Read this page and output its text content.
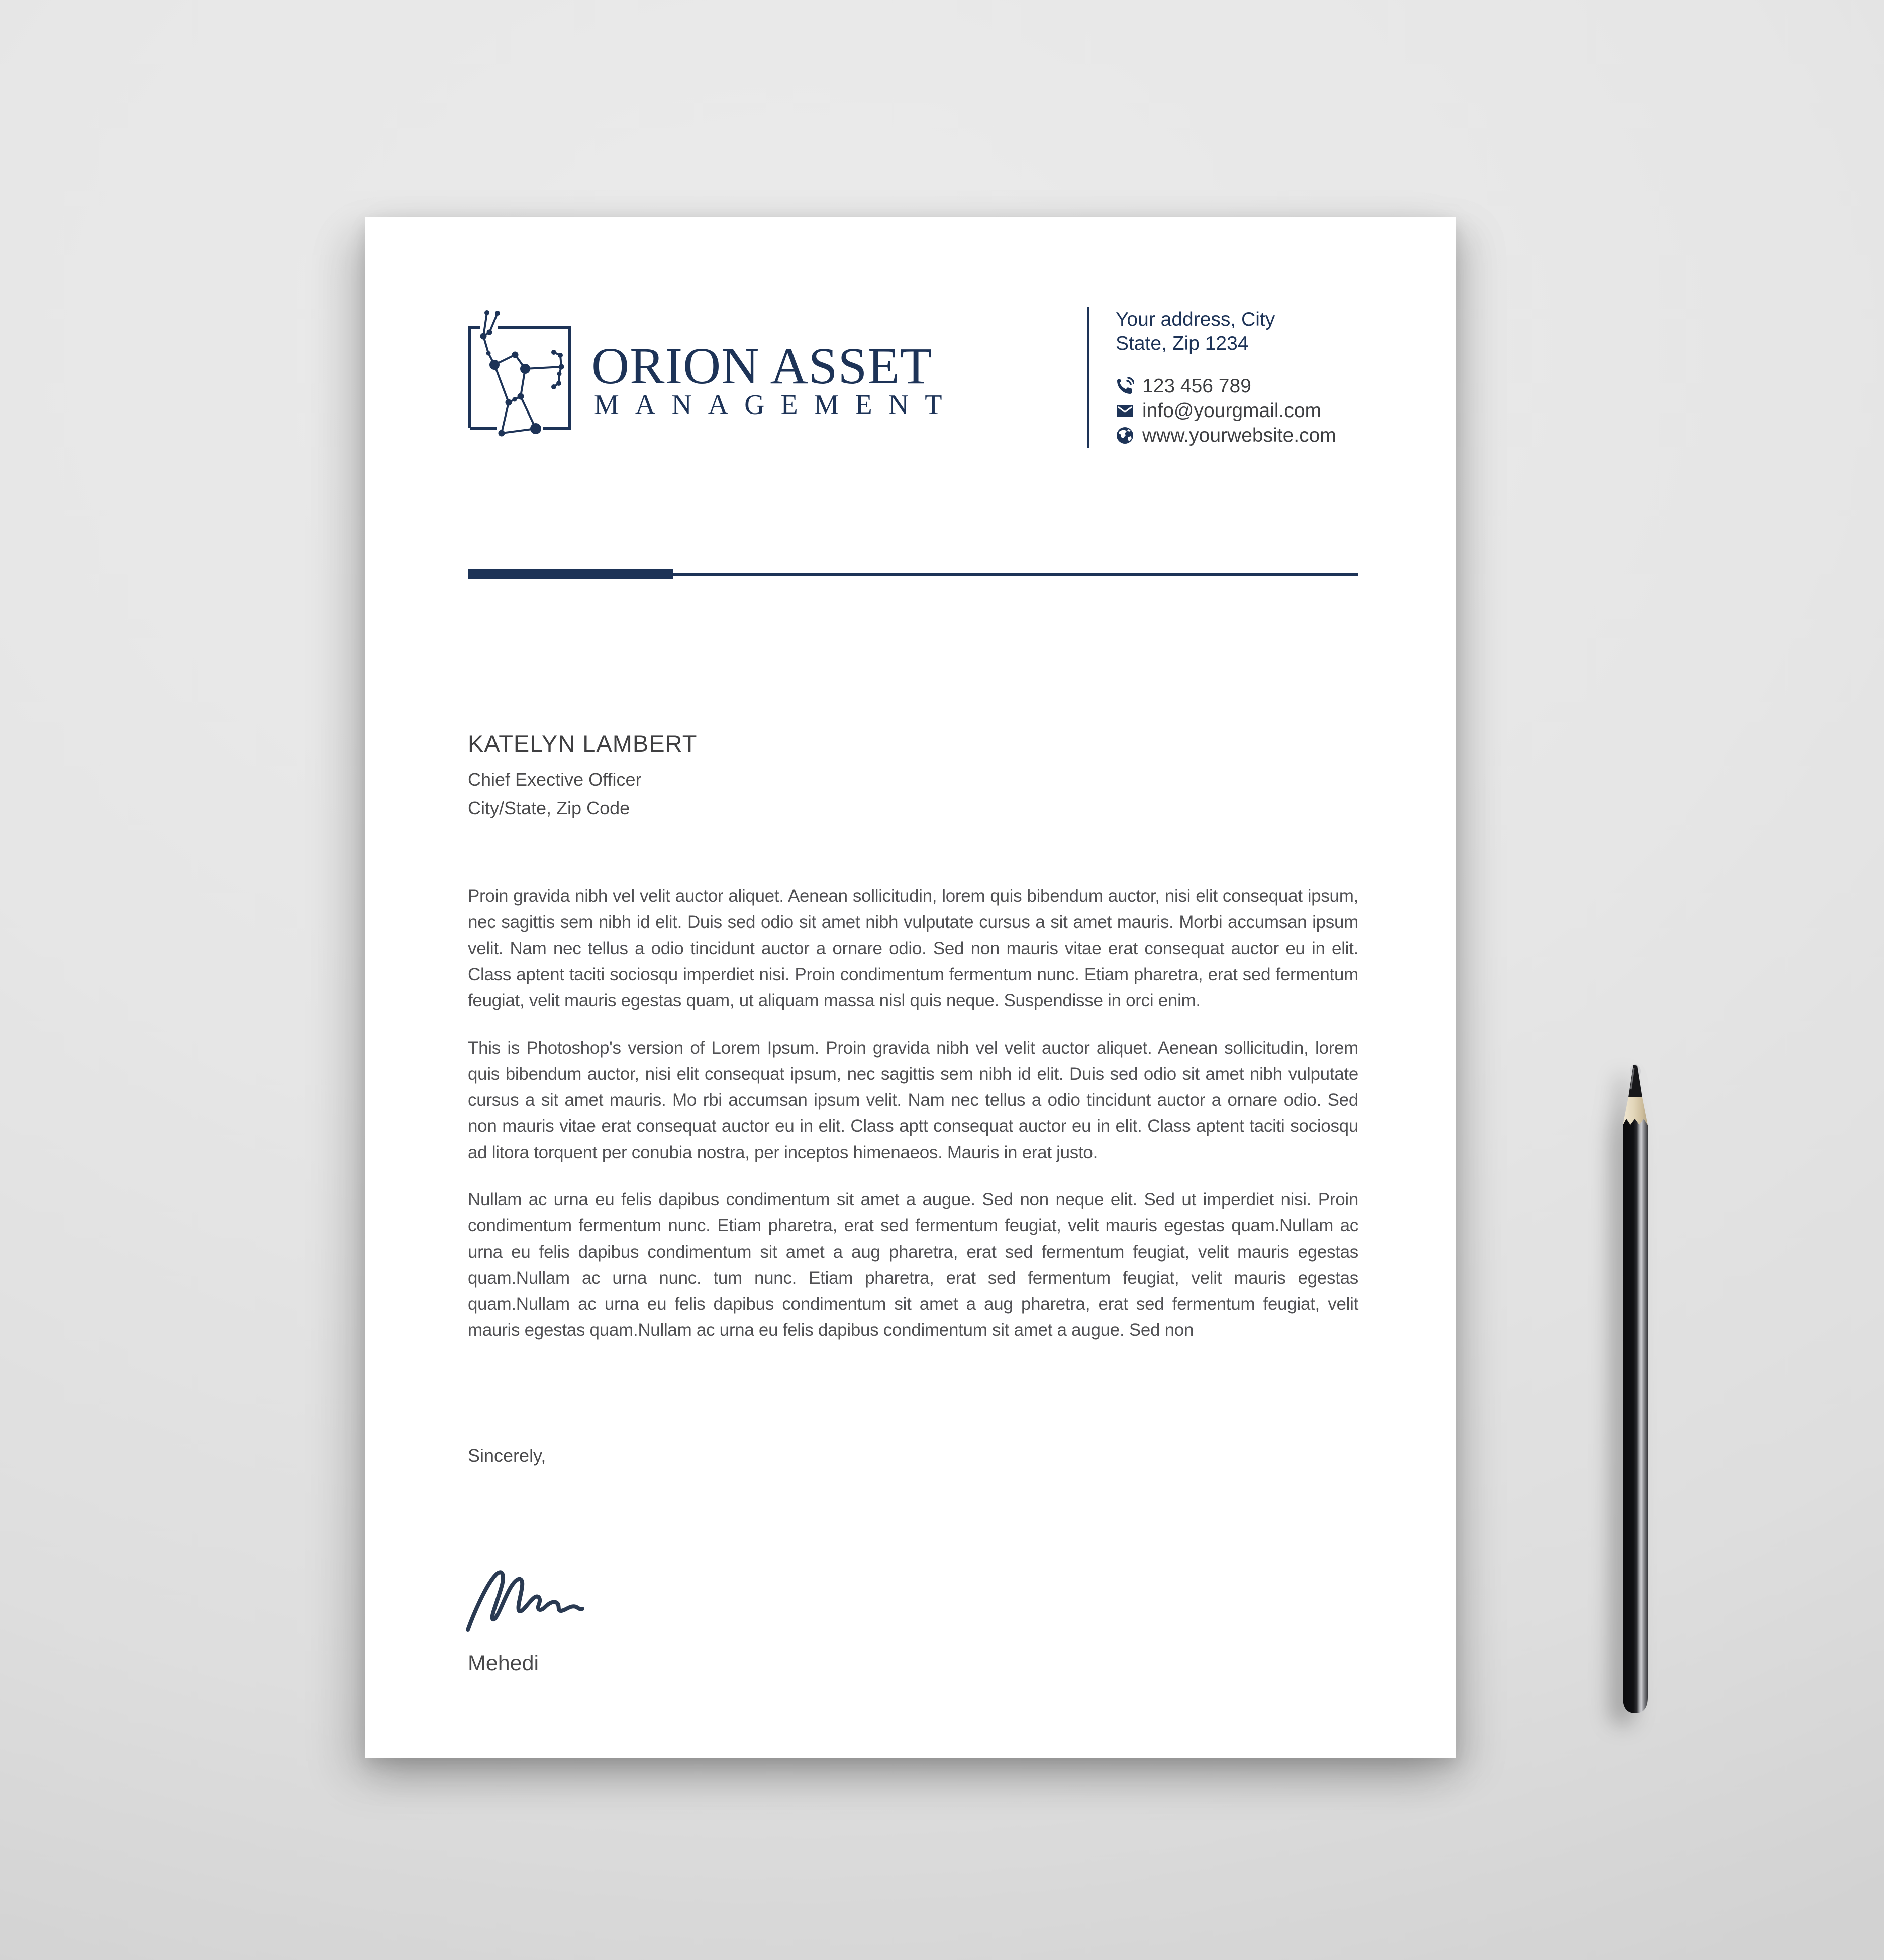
ORION ASSET
MANAGEMENT
Your address, City
State, Zip 1234
123 456 789
info@yourgmail.com
www.yourwebsite.com
KATELYN LAMBERT
Chief Exective Officer
City/State, Zip Code

Proin gravida nibh vel velit auctor aliquet. Aenean sollicitudin, lorem quis bibendum auctor, nisi elit consequat ipsum, nec sagittis sem nibh id elit. Duis sed odio sit amet nibh vulputate cursus a sit amet mauris. Morbi accumsan ipsum velit. Nam nec tellus a odio tincidunt auctor a ornare odio. Sed non mauris vitae erat consequat auctor eu in elit. Class aptent taciti sociosqu imperdiet nisi. Proin condimentum fermentum nunc. Etiam pharetra, erat sed fermentum feugiat, velit mauris egestas quam, ut aliquam massa nisl quis neque. Suspendisse in orci enim.

This is Photoshop's version of Lorem Ipsum. Proin gravida nibh vel velit auctor aliquet. Aenean sollicitudin, lorem quis bibendum auctor, nisi elit consequat ipsum, nec sagittis sem nibh id elit. Duis sed odio sit amet nibh vulputate cursus a sit amet mauris. Mo rbi accumsan ipsum velit. Nam nec tellus a odio tincidunt auctor a ornare odio. Sed non mauris vitae erat consequat auctor eu in elit. Class aptt consequat auctor eu in elit. Class aptent taciti sociosqu ad litora torquent per conubia nostra, per inceptos himenaeos. Mauris in erat justo.

Nullam ac urna eu felis dapibus condimentum sit amet a augue. Sed non neque elit. Sed ut imperdiet nisi. Proin condimentum fermentum nunc. Etiam pharetra, erat sed fermentum feugiat, velit mauris egestas quam.Nullam ac urna eu felis dapibus condimentum sit amet a aug pharetra, erat sed fermentum feugiat, velit mauris egestas quam.Nullam ac urna nunc. tum nunc. Etiam pharetra, erat sed fermentum feugiat, velit mauris egestas quam.Nullam ac urna eu felis dapibus condimentum sit amet a aug pharetra, erat sed fermentum feugiat, velit mauris egestas quam.Nullam ac urna eu felis dapibus condimentum sit amet a augue. Sed non

Sincerely,
Mehedi
